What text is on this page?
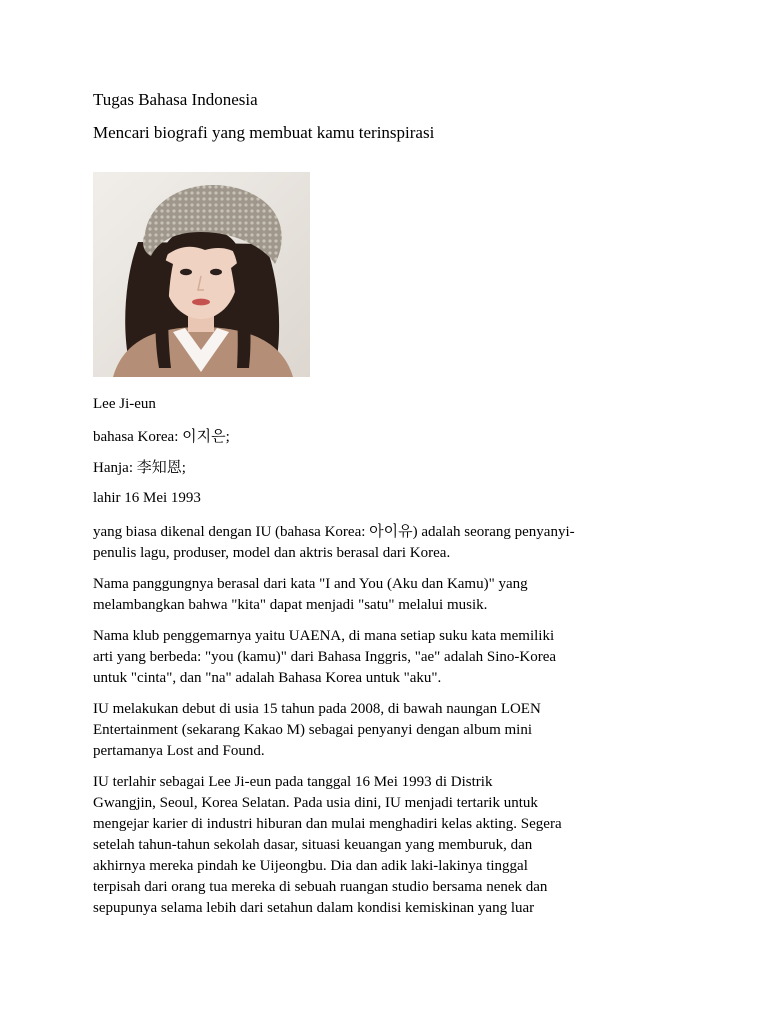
Tugas Bahasa Indonesia
Mencari biografi yang membuat kamu terinspirasi
Lee Ji-eun
bahasa Korea: 이지은;
Hanja: 李知恩;
lahir 16 Mei 1993

yang biasa dikenal dengan IU (bahasa Korea: 아이유) adalah seorang penyanyi-
penulis lagu, produser, model dan aktris berasal dari Korea.

Nama panggungnya berasal dari kata "I and You (Aku dan Kamu)" yang
melambangkan bahwa "kita" dapat menjadi "satu" melalui musik.

Nama klub penggemarnya yaitu UAENA, di mana setiap suku kata memiliki
arti yang berbeda: "you (kamu)" dari Bahasa Inggris, "ae" adalah Sino-Korea
untuk "cinta", dan "na" adalah Bahasa Korea untuk "aku".

IU melakukan debut di usia 15 tahun pada 2008, di bawah naungan LOEN
Entertainment (sekarang Kakao M) sebagai penyanyi dengan album mini
pertamanya Lost and Found.

IU terlahir sebagai Lee Ji-eun pada tanggal 16 Mei 1993 di Distrik
Gwangjin, Seoul, Korea Selatan. Pada usia dini, IU menjadi tertarik untuk
mengejar karier di industri hiburan dan mulai menghadiri kelas akting. Segera
setelah tahun-tahun sekolah dasar, situasi keuangan yang memburuk, dan
akhirnya mereka pindah ke Uijeongbu. Dia dan adik laki-lakinya tinggal
terpisah dari orang tua mereka di sebuah ruangan studio bersama nenek dan
sepupunya selama lebih dari setahun dalam kondisi kemiskinan yang luar
